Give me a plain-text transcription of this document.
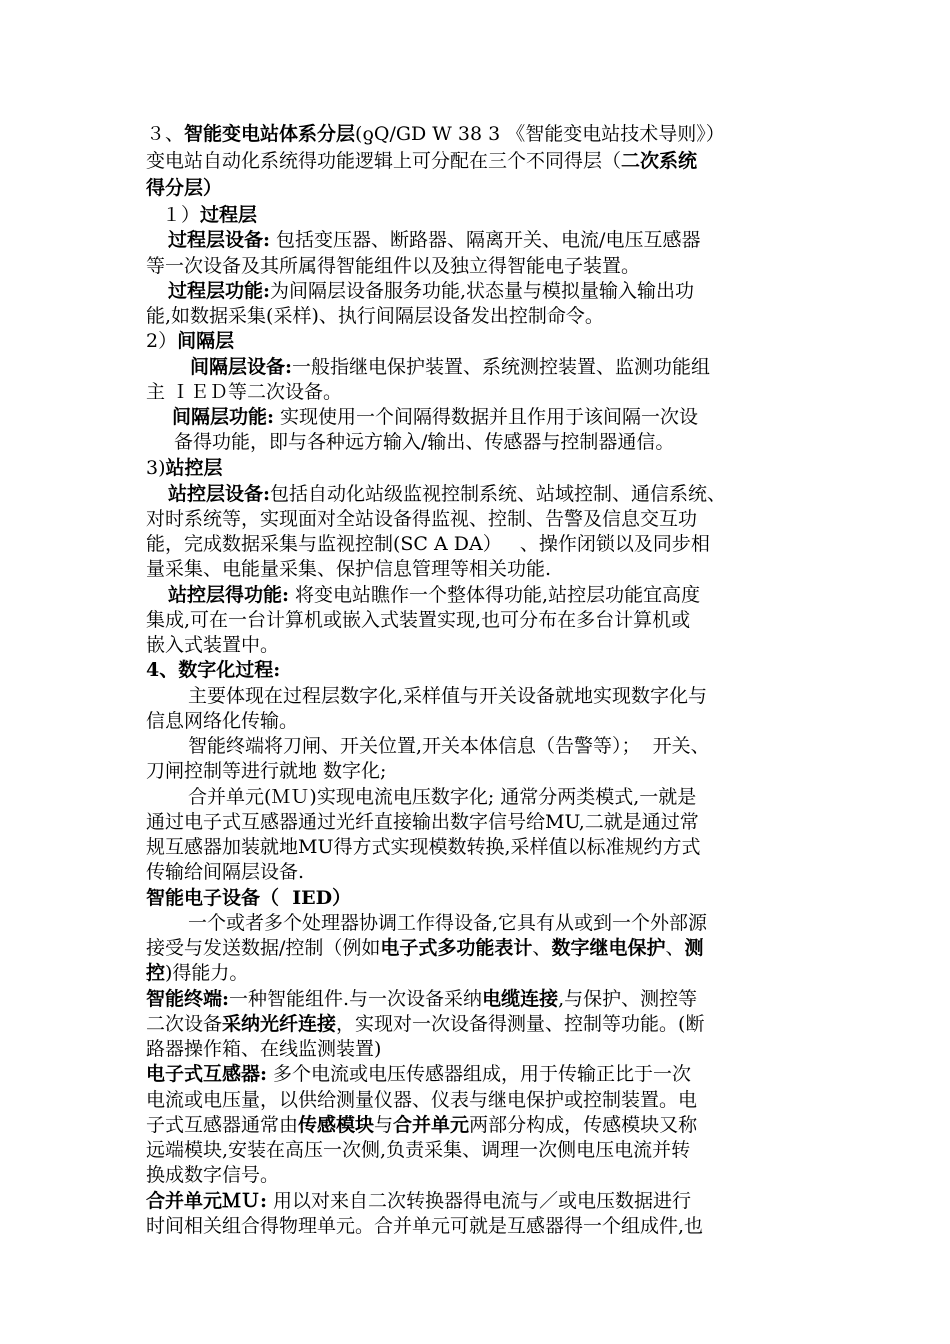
３、智能变电站体系分层(ƍQ/GD W 38 3 《智能变电站技术导则》）
变电站自动化系统得功能逻辑上可分配在三个不同得层（二次系统
得分层）
１）过程层
过程层设备: 包括变压器、断路器、隔离开关、电流/电压互感器
等一次设备及其所属得智能组件以及独立得智能电子装置。
过程层功能:为间隔层设备服务功能,状态量与模拟量输入输出功
能,如数据采集(采样)、执行间隔层设备发出控制命令。
2）间隔层
间隔层设备:一般指继电保护装置、系统测控装置、监测功能组
主 ＩＥＤ等二次设备。
间隔层功能: 实现使用一个间隔得数据并且作用于该间隔一次设
备得功能，即与各种远方输入/输出、传感器与控制器通信。
3)站控层
站控层设备:包括自动化站级监视控制系统、站域控制、通信系统、
对时系统等，实现面对全站设备得监视、控制、告警及信息交互功
能，完成数据采集与监视控制(SC A DA）   、操作闭锁以及同步相
量采集、电能量采集、保护信息管理等相关功能.
站控层得功能: 将变电站瞧作一个整体得功能,站控层功能宜高度
集成,可在一台计算机或嵌入式装置实现,也可分布在多台计算机或
嵌入式装置中。
4、数字化过程:
主要体现在过程层数字化,采样值与开关设备就地实现数字化与
信息网络化传输。
智能终端将刀闸、开关位置,开关本体信息（告警等）；  开关、
刀闸控制等进行就地 数字化;
合并单元(ＭＵ)实现电流电压数字化; 通常分两类模式,一就是
通过电子式互感器通过光纤直接输出数字信号给MU,二就是通过常
规互感器加装就地MU得方式实现模数转换,采样值以标准规约方式
传输给间隔层设备.
智能电子设备（  IED）
一个或者多个处理器协调工作得设备,它具有从或到一个外部源
接受与发送数据/控制（例如电子式多功能表计、数字继电保护、测
控)得能力。
智能终端:一种智能组件.与一次设备采纳电缆连接,与保护、测控等
二次设备采纳光纤连接，实现对一次设备得测量、控制等功能。(断
路器操作箱、在线监测装置)
电子式互感器: 多个电流或电压传感器组成，用于传输正比于一次
电流或电压量，以供给测量仪器、仪表与继电保护或控制装置。电
子式互感器通常由传感模块与合并单元两部分构成，传感模块又称
远端模块,安装在高压一次侧,负责采集、调理一次侧电压电流并转
换成数字信号。
合并单元ＭＵ: 用以对来自二次转换器得电流与／或电压数据进行
时间相关组合得物理单元。合并单元可就是互感器得一个组成件,也
